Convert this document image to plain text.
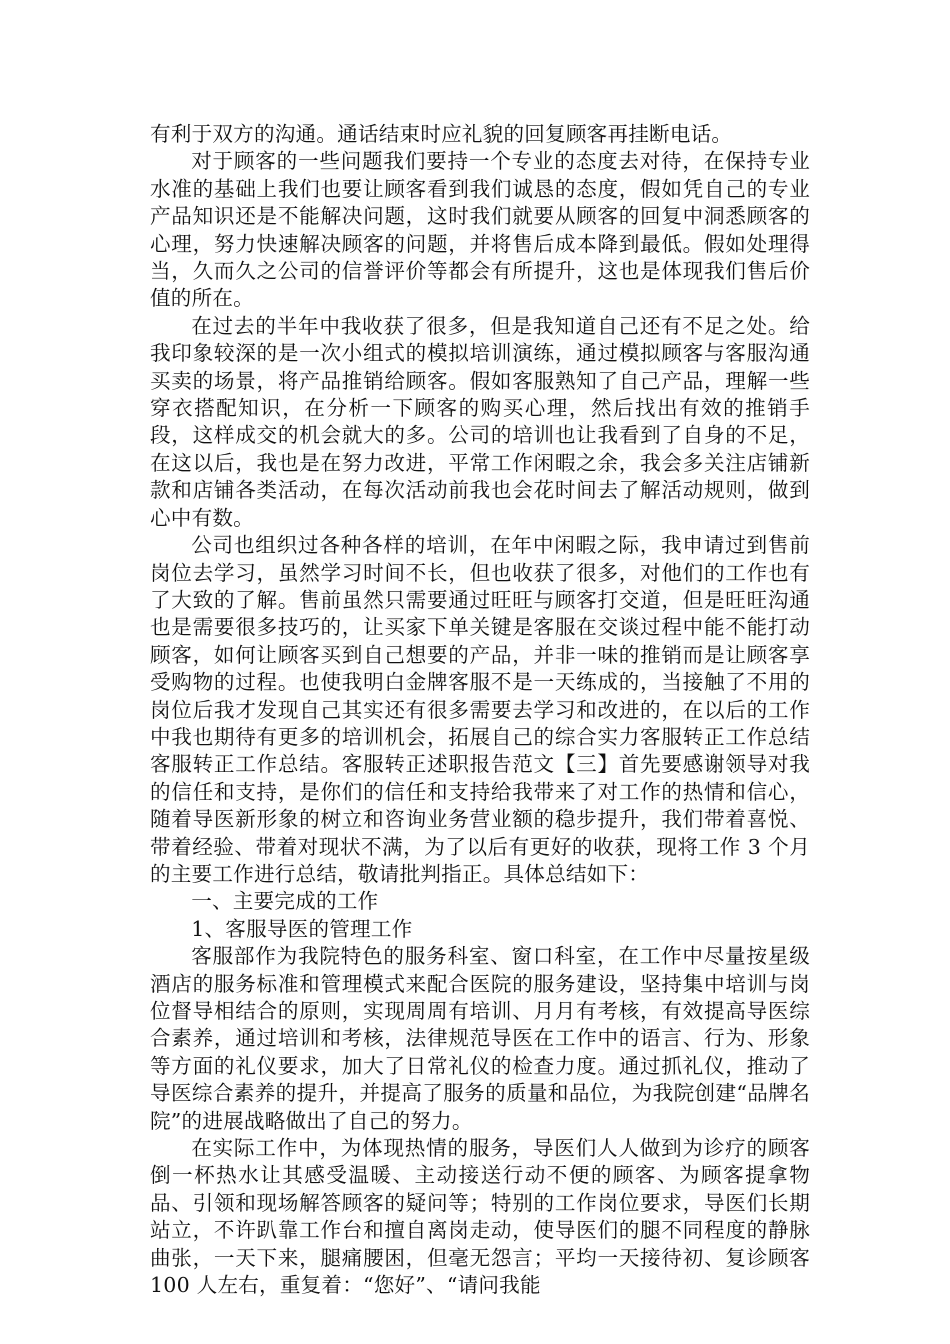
有利于双方的沟通。通话结束时应礼貌的回复顾客再挂断电话。

对于顾客的一些问题我们要持一个专业的态度去对待，在保持专业水准的基础上我们也要让顾客看到我们诚恳的态度，假如凭自己的专业产品知识还是不能解决问题，这时我们就要从顾客的回复中洞悉顾客的心理，努力快速解决顾客的问题，并将售后成本降到最低。假如处理得当，久而久之公司的信誉评价等都会有所提升，这也是体现我们售后价值的所在。

在过去的半年中我收获了很多，但是我知道自己还有不足之处。给我印象较深的是一次小组式的模拟培训演练，通过模拟顾客与客服沟通买卖的场景，将产品推销给顾客。假如客服熟知了自己产品，理解一些穿衣搭配知识，在分析一下顾客的购买心理，然后找出有效的推销手段，这样成交的机会就大的多。公司的培训也让我看到了自身的不足，在这以后，我也是在努力改进，平常工作闲暇之余，我会多关注店铺新款和店铺各类活动，在每次活动前我也会花时间去了解活动规则，做到心中有数。

公司也组织过各种各样的培训，在年中闲暇之际，我申请过到售前岗位去学习，虽然学习时间不长，但也收获了很多，对他们的工作也有了大致的了解。售前虽然只需要通过旺旺与顾客打交道，但是旺旺沟通也是需要很多技巧的，让买家下单关键是客服在交谈过程中能不能打动顾客，如何让顾客买到自己想要的产品，并非一味的推销而是让顾客享受购物的过程。也使我明白金牌客服不是一天练成的，当接触了不用的岗位后我才发现自己其实还有很多需要去学习和改进的，在以后的工作中我也期待有更多的培训机会，拓展自己的综合实力客服转正工作总结客服转正工作总结。客服转正述职报告范文【三】首先要感谢领导对我的信任和支持，是你们的信任和支持给我带来了对工作的热情和信心，随着导医新形象的树立和咨询业务营业额的稳步提升，我们带着喜悦、带着经验、带着对现状不满，为了以后有更好的收获，现将工作 3 个月的主要工作进行总结，敬请批判指正。具体总结如下：

一、主要完成的工作

1、客服导医的管理工作

客服部作为我院特色的服务科室、窗口科室，在工作中尽量按星级酒店的服务标准和管理模式来配合医院的服务建设，坚持集中培训与岗位督导相结合的原则，实现周周有培训、月月有考核，有效提高导医综合素养，通过培训和考核，法律规范导医在工作中的语言、行为、形象等方面的礼仪要求，加大了日常礼仪的检查力度。通过抓礼仪，推动了导医综合素养的提升，并提高了服务的质量和品位，为我院创建“品牌名院”的进展战略做出了自己的努力。

在实际工作中，为体现热情的服务，导医们人人做到为诊疗的顾客倒一杯热水让其感受温暖、主动接送行动不便的顾客、为顾客提拿物品、引领和现场解答顾客的疑问等；特别的工作岗位要求，导医们长期站立，不许趴靠工作台和擅自离岗走动，使导医们的腿不同程度的静脉曲张，一天下来，腿痛腰困，但毫无怨言；平均一天接待初、复诊顾客 100 人左右，重复着：“您好”、“请问我能
